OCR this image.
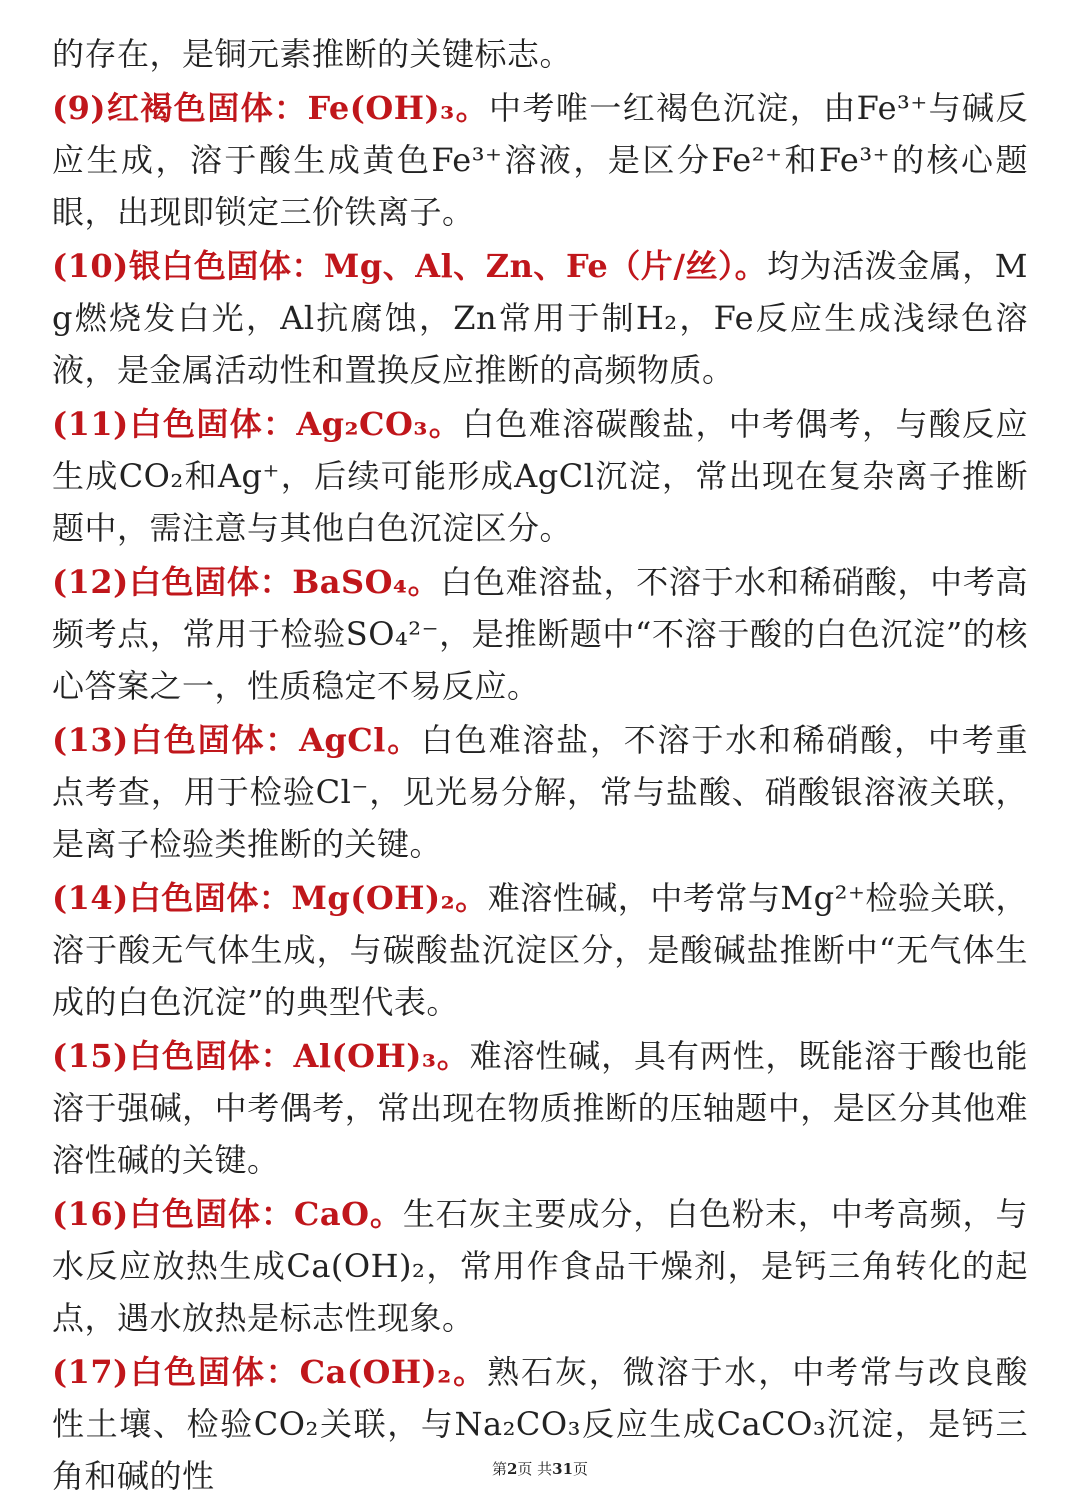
的存在，是铜元素推断的关键标志。

(9)红褐色固体：Fe(OH)₃。中考唯一红褐色沉淀，由Fe³⁺与碱反应生成，溶于酸生成黄色Fe³⁺溶液，是区分Fe²⁺和Fe³⁺的核心题眼，出现即锁定三价铁离子。

(10)银白色固体：Mg、Al、Zn、Fe（片/丝）。均为活泼金属，Mg燃烧发白光，Al抗腐蚀，Zn常用于制H₂，Fe反应生成浅绿色溶液，是金属活动性和置换反应推断的高频物质。

(11)白色固体：Ag₂CO₃。白色难溶碳酸盐，中考偶考，与酸反应生成CO₂和Ag⁺，后续可能形成AgCl沉淀，常出现在复杂离子推断题中，需注意与其他白色沉淀区分。

(12)白色固体：BaSO₄。白色难溶盐，不溶于水和稀硝酸，中考高频考点，常用于检验SO₄²⁻，是推断题中“不溶于酸的白色沉淀”的核心答案之一，性质稳定不易反应。

(13)白色固体：AgCl。白色难溶盐，不溶于水和稀硝酸，中考重点考查，用于检验Cl⁻，见光易分解，常与盐酸、硝酸银溶液关联，是离子检验类推断的关键。

(14)白色固体：Mg(OH)₂。难溶性碱，中考常与Mg²⁺检验关联，溶于酸无气体生成，与碳酸盐沉淀区分，是酸碱盐推断中“无气体生成的白色沉淀”的典型代表。

(15)白色固体：Al(OH)₃。难溶性碱，具有两性，既能溶于酸也能溶于强碱，中考偶考，常出现在物质推断的压轴题中，是区分其他难溶性碱的关键。

(16)白色固体：CaO。生石灰主要成分，白色粉末，中考高频，与水反应放热生成Ca(OH)₂，常用作食品干燥剂，是钙三角转化的起点，遇水放热是标志性现象。

(17)白色固体：Ca(OH)₂。熟石灰，微溶于水，中考常与改良酸性土壤、检验CO₂关联，与Na₂CO₃反应生成CaCO₃沉淀，是钙三角和碱的性	第2页 共31页
